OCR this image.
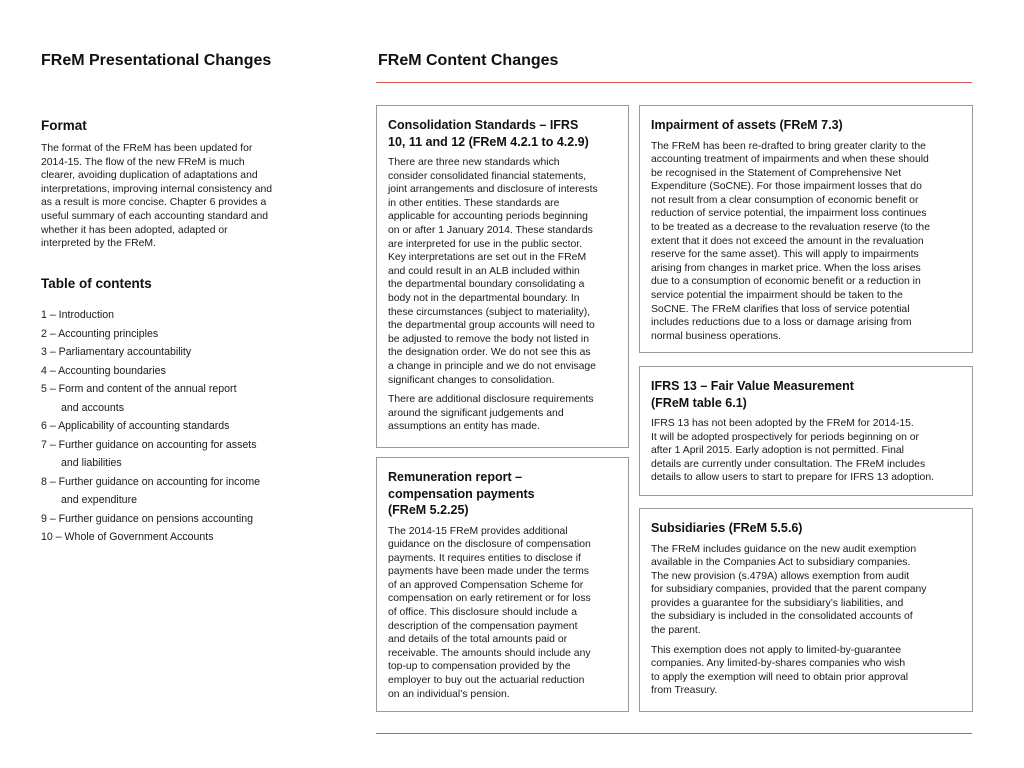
FReM Presentational Changes
Format

The format of the FReM has been updated for
2014-15. The flow of the new FReM is much
clearer, avoiding duplication of adaptations and
interpretations, improving internal consistency and
as a result is more concise. Chapter 6 provides a
useful summary of each accounting standard and
whether it has been adopted, adapted or
interpreted by the FReM.

Table of contents
1 – Introduction
2 – Accounting principles
3 – Parliamentary accountability
4 – Accounting boundaries
5 – Form and content of the annual report
and accounts
6 – Applicability of accounting standards
7 – Further guidance on accounting for assets
and liabilities
8 – Further guidance on accounting for income
and expenditure
9 – Further guidance on pensions accounting
10 – Whole of Government Accounts
FReM Content Changes
Consolidation Standards – IFRS
10, 11 and 12 (FReM 4.2.1 to 4.2.9)

There are three new standards which
consider consolidated financial statements,
joint arrangements and disclosure of interests
in other entities. These standards are
applicable for accounting periods beginning
on or after 1 January 2014. These standards
are interpreted for use in the public sector.
Key interpretations are set out in the FReM
and could result in an ALB included within
the departmental boundary consolidating a
body not in the departmental boundary. In
these circumstances (subject to materiality),
the departmental group accounts will need to
be adjusted to remove the body not listed in
the designation order. We do not see this as
a change in principle and we do not envisage
significant changes to consolidation.

There are additional disclosure requirements
around the significant judgements and
assumptions an entity has made.

Remuneration report –
compensation payments
(FReM 5.2.25)

The 2014-15 FReM provides additional
guidance on the disclosure of compensation
payments. It requires entities to disclose if
payments have been made under the terms
of an approved Compensation Scheme for
compensation on early retirement or for loss
of office. This disclosure should include a
description of the compensation payment
and details of the total amounts paid or
receivable. The amounts should include any
top-up to compensation provided by the
employer to buy out the actuarial reduction
on an individual’s pension.

Impairment of assets (FReM 7.3)

The FReM has been re-drafted to bring greater clarity to the
accounting treatment of impairments and when these should
be recognised in the Statement of Comprehensive Net
Expenditure (SoCNE). For those impairment losses that do
not result from a clear consumption of economic benefit or
reduction of service potential, the impairment loss continues
to be treated as a decrease to the revaluation reserve (to the
extent that it does not exceed the amount in the revaluation
reserve for the same asset). This will apply to impairments
arising from changes in market price. When the loss arises
due to a consumption of economic benefit or a reduction in
service potential the impairment should be taken to the
SoCNE. The FReM clarifies that loss of service potential
includes reductions due to a loss or damage arising from
normal business operations.

IFRS 13 – Fair Value Measurement
(FReM table 6.1)

IFRS 13 has not been adopted by the FReM for 2014-15.
It will be adopted prospectively for periods beginning on or
after 1 April 2015. Early adoption is not permitted. Final
details are currently under consultation. The FReM includes
details to allow users to start to prepare for IFRS 13 adoption.

Subsidiaries (FReM 5.5.6)

The FReM includes guidance on the new audit exemption
available in the Companies Act to subsidiary companies.
The new provision (s.479A) allows exemption from audit
for subsidiary companies, provided that the parent company
provides a guarantee for the subsidiary’s liabilities, and
the subsidiary is included in the consolidated accounts of
the parent.

This exemption does not apply to limited-by-guarantee
companies. Any limited-by-shares companies who wish
to apply the exemption will need to obtain prior approval
from Treasury.
